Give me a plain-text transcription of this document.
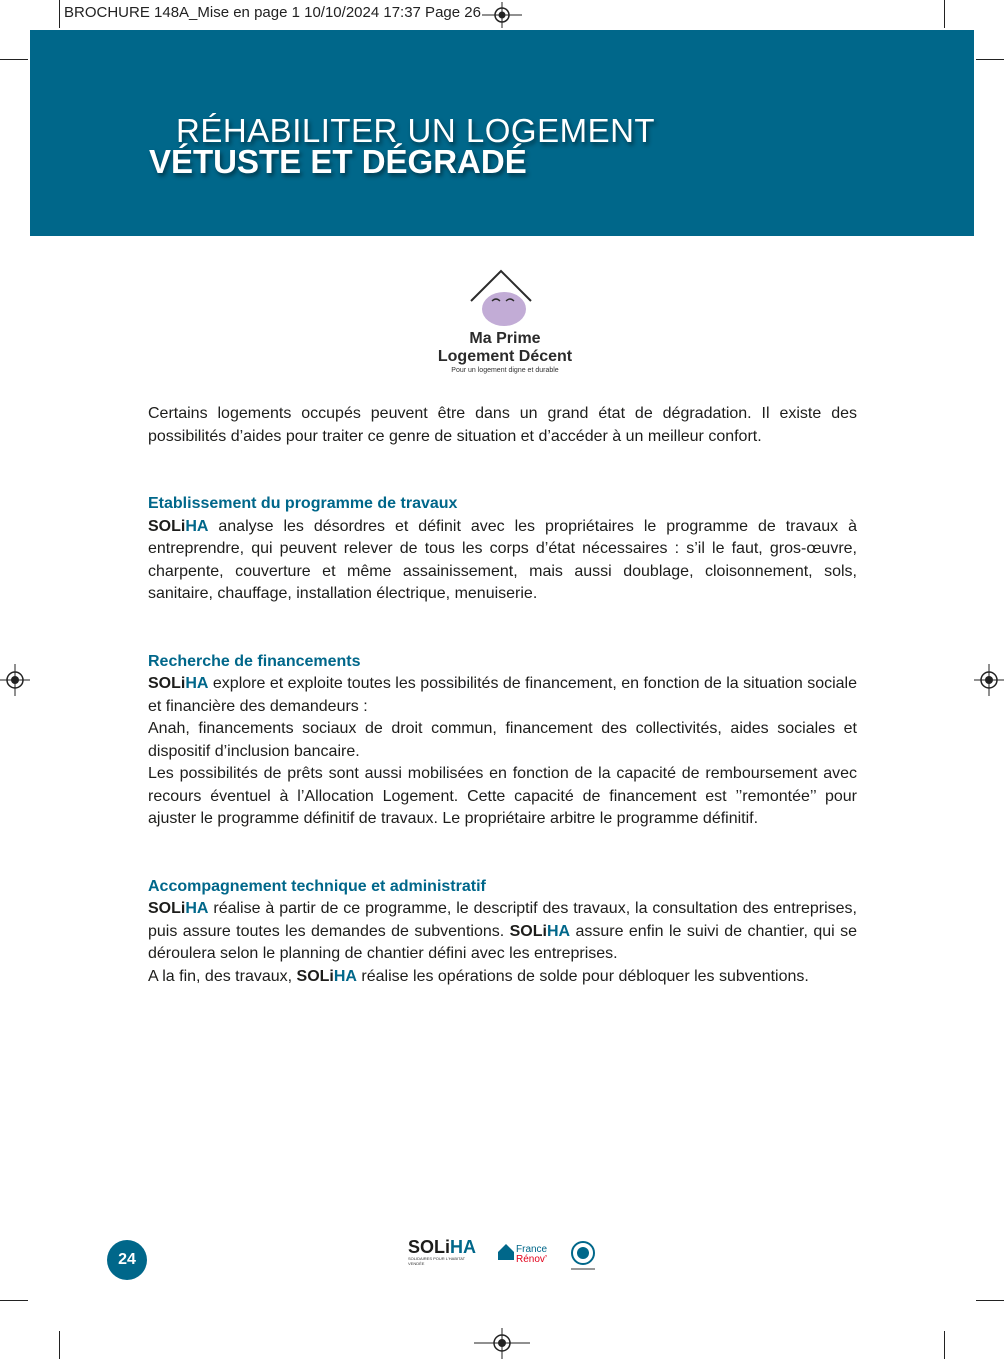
BROCHURE 148A_Mise en page 1 10/10/2024 17:37 Page 26
RÉHABILITER UN LOGEMENT
VÉTUSTE ET DÉGRADÉ
Ma Prime
Logement Décent
Pour un logement digne et durable

Certains logements occupés peuvent être dans un grand état de dégradation. Il existe des possibilités d’aides pour traiter ce genre de situation et d’accéder à un meilleur confort.

Etablissement du programme de travaux

SOLiHA analyse les désordres et définit avec les propriétaires le programme de travaux à entreprendre, qui peuvent relever de tous les corps d’état nécessaires : s’il le faut, gros-œuvre, charpente, couverture et même assainissement, mais aussi doublage, cloisonnement, sols, sanitaire, chauffage, installation électrique, menuiserie.

Recherche de financements

SOLiHA explore et exploite toutes les possibilités de financement, en fonction de la situation sociale et financière des demandeurs :

Anah, financements sociaux de droit commun, financement des collectivités, aides sociales et dispositif d’inclusion bancaire.

Les possibilités de prêts sont aussi mobilisées en fonction de la capacité de remboursement avec recours éventuel à l’Allocation Logement. Cette capacité de financement est ’’remontée’’ pour ajuster le programme définitif de travaux. Le propriétaire arbitre le programme définitif.

Accompagnement technique et administratif

SOLiHA réalise à partir de ce programme, le descriptif des travaux, la consultation des entreprises, puis assure toutes les demandes de subventions. SOLiHA assure enfin le suivi de chantier, qui se déroulera selon le planning de chantier défini avec les entreprises.

A la fin, des travaux, SOLiHA réalise les opérations de solde pour débloquer les subventions.

24
SOLiHA
SOLIDAIRES POUR L'HABITAT
VENDÉE
France
Rénov’
